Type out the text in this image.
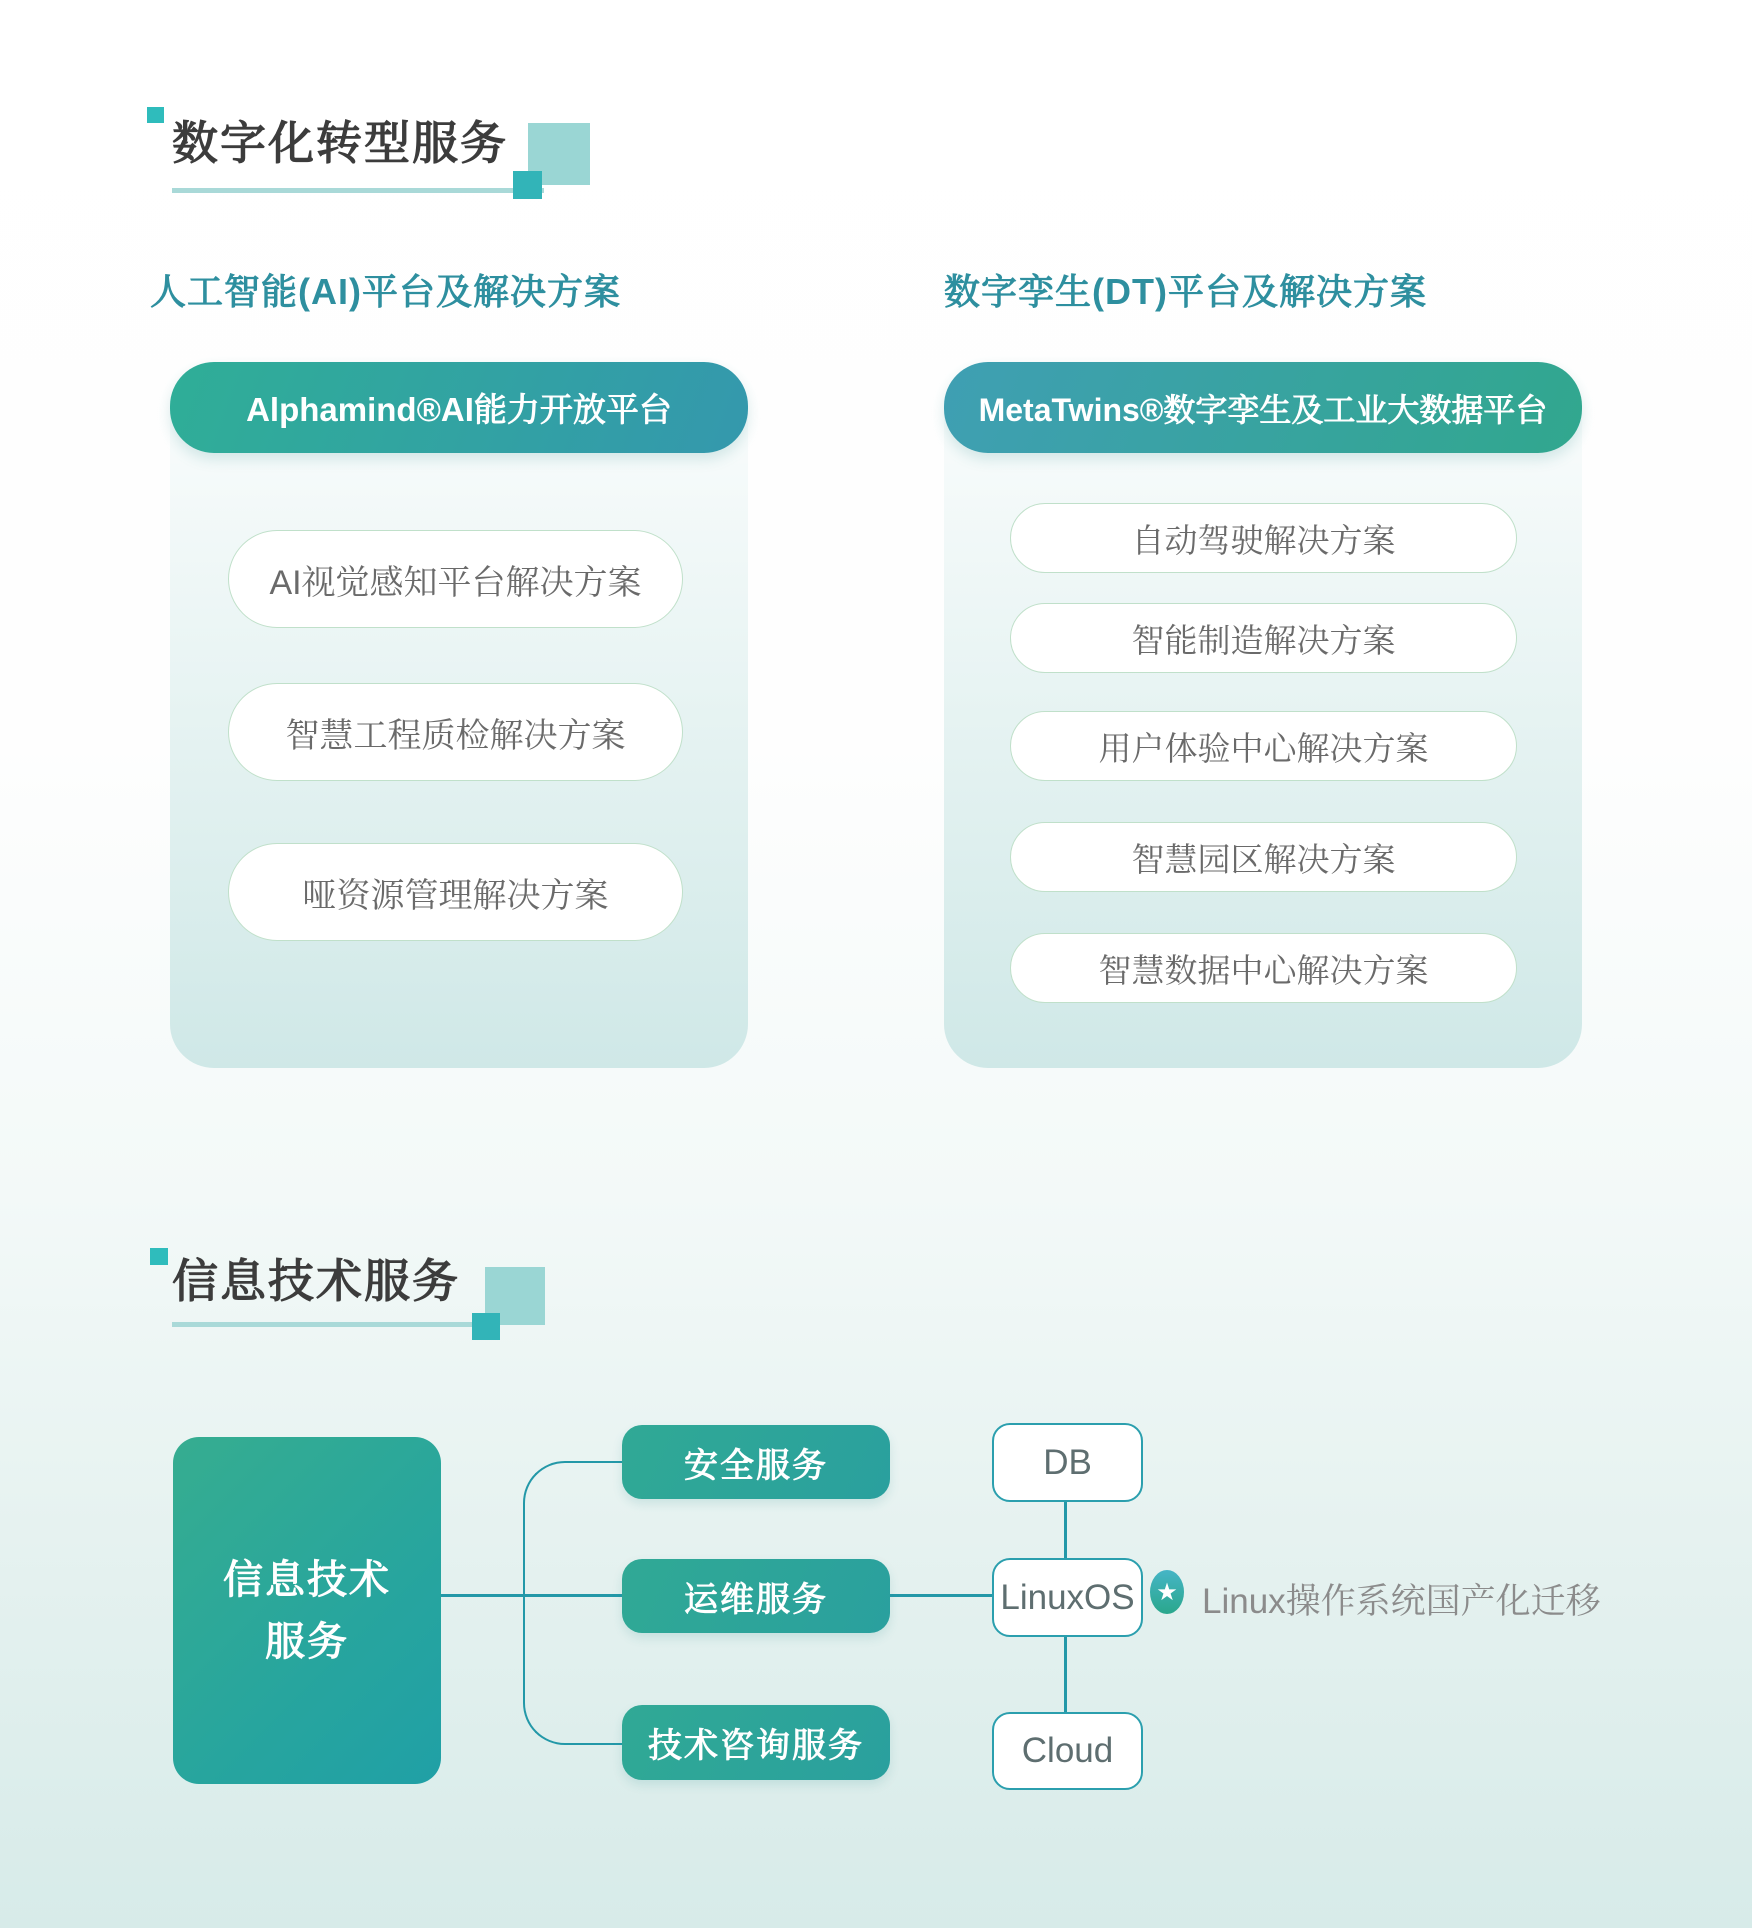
数字化转型服务
人工智能(AI)平台及解决方案	数字孪生(DT)平台及解决方案
Alphamind®AI能力开放平台
AI视觉感知平台解决方案
智慧工程质检解决方案
哑资源管理解决方案
MetaTwins®数字孪生及工业大数据平台
自动驾驶解决方案
智能制造解决方案
用户体验中心解决方案
智慧园区解决方案
智慧数据中心解决方案
信息技术服务
信息技术
服务
安全服务
运维服务
技术咨询服务
DB
LinuxOS
Cloud
★ Linux操作系统国产化迁移
